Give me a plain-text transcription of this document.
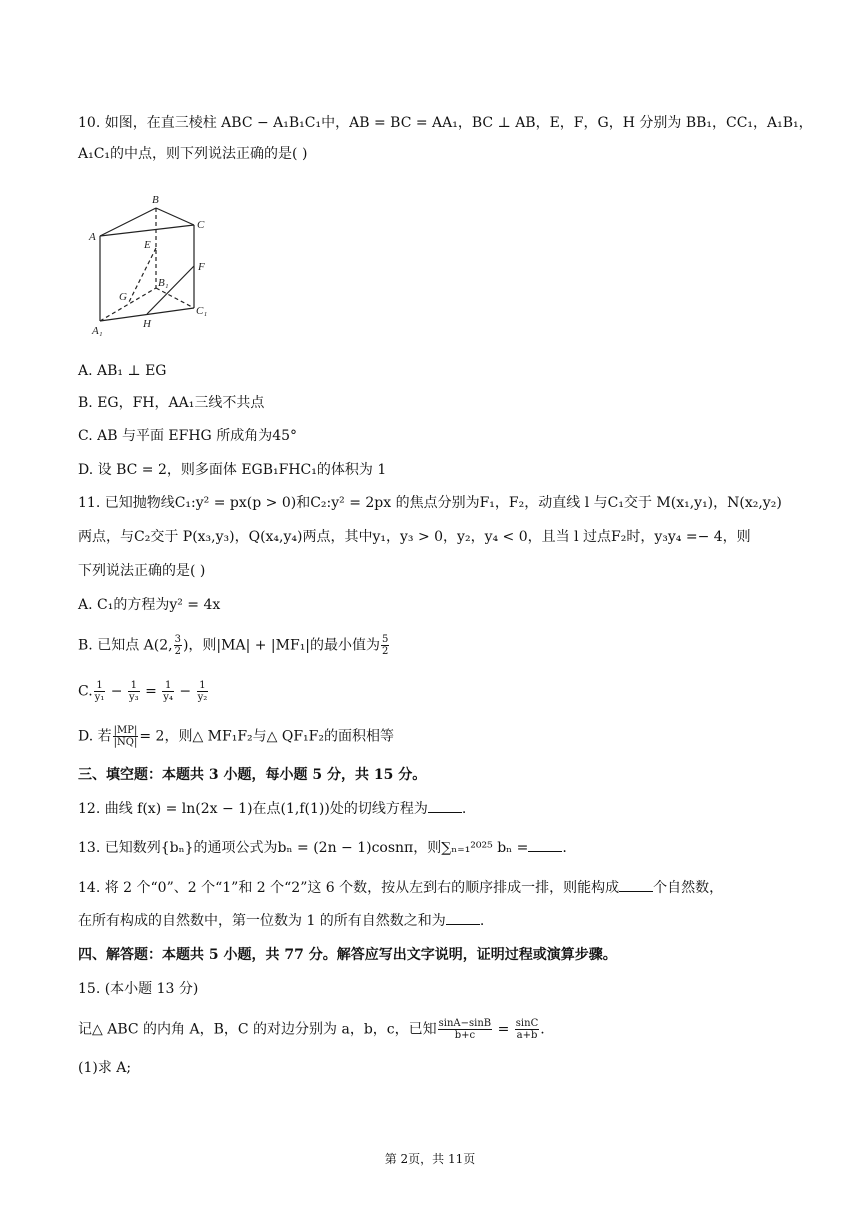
10. 如图，在直三棱柱 ABC − A₁B₁C₁中，AB = BC = AA₁，BC ⊥ AB，E，F，G，H 分别为 BB₁，CC₁，A₁B₁，
A₁C₁的中点，则下列说法正确的是( )
B
C
A
E
F
G
B₁
C₁
A₁
H
A. AB₁ ⊥ EG
B. EG，FH，AA₁三线不共点
C. AB 与平面 EFHG 所成角为45°
D. 设 BC = 2，则多面体 EGB₁FHC₁的体积为 1
11. 已知抛物线C₁:y² = px(p > 0)和C₂:y² = 2px 的焦点分别为F₁，F₂，动直线 l 与C₁交于 M(x₁,y₁)，N(x₂,y₂)
两点，与C₂交于 P(x₃,y₃)，Q(x₄,y₄)两点，其中y₁，y₃ > 0，y₂，y₄ < 0，且当 l 过点F₂时，y₃y₄ =− 4，则
下列说法正确的是( )
A. C₁的方程为y² = 4x
B. 已知点 A(2, $\frac{3}{2}$ )，则|MA| + |MF₁|的最小值为 $\frac{5}{2}$
C. $\frac{1}{\text{y₁}} - \frac{1}{\text{y₃}} = \frac{1}{\text{y₄}} - \frac{1}{\text{y₂}}$
D. 若 $\frac{|MP|}{|NQ|} = 2$，则△ MF₁F₂与△ QF₁F₂的面积相等
三、填空题：本题共 3 小题，每小题 5 分，共 15 分。
12. 曲线 f(x) = ln(2x − 1)在点(1,f(1))处的切线方程为 .
13. 已知数列{bₙ}的通项公式为bₙ = (2n − 1)cosnπ，则∑ₙ₌₁²⁰²⁵ bₙ = .
14. 将 2 个“0”、2 个“1”和 2 个“2”这 6 个数，按从左到右的顺序排成一排，则能构成 个自然数，
在所有构成的自然数中，第一位数为 1 的所有自然数之和为 .
四、解答题：本题共 5 小题，共 77 分。解答应写出文字说明，证明过程或演算步骤。
15. (本小题 13 分)
记△ ABC 的内角 A，B，C 的对边分别为 a，b，c，已知 $\frac{\sin A-\sin B}{b+c} = \frac{\sin C}{a+b}$ .
(1)求 A;
第 2页，共 11页
